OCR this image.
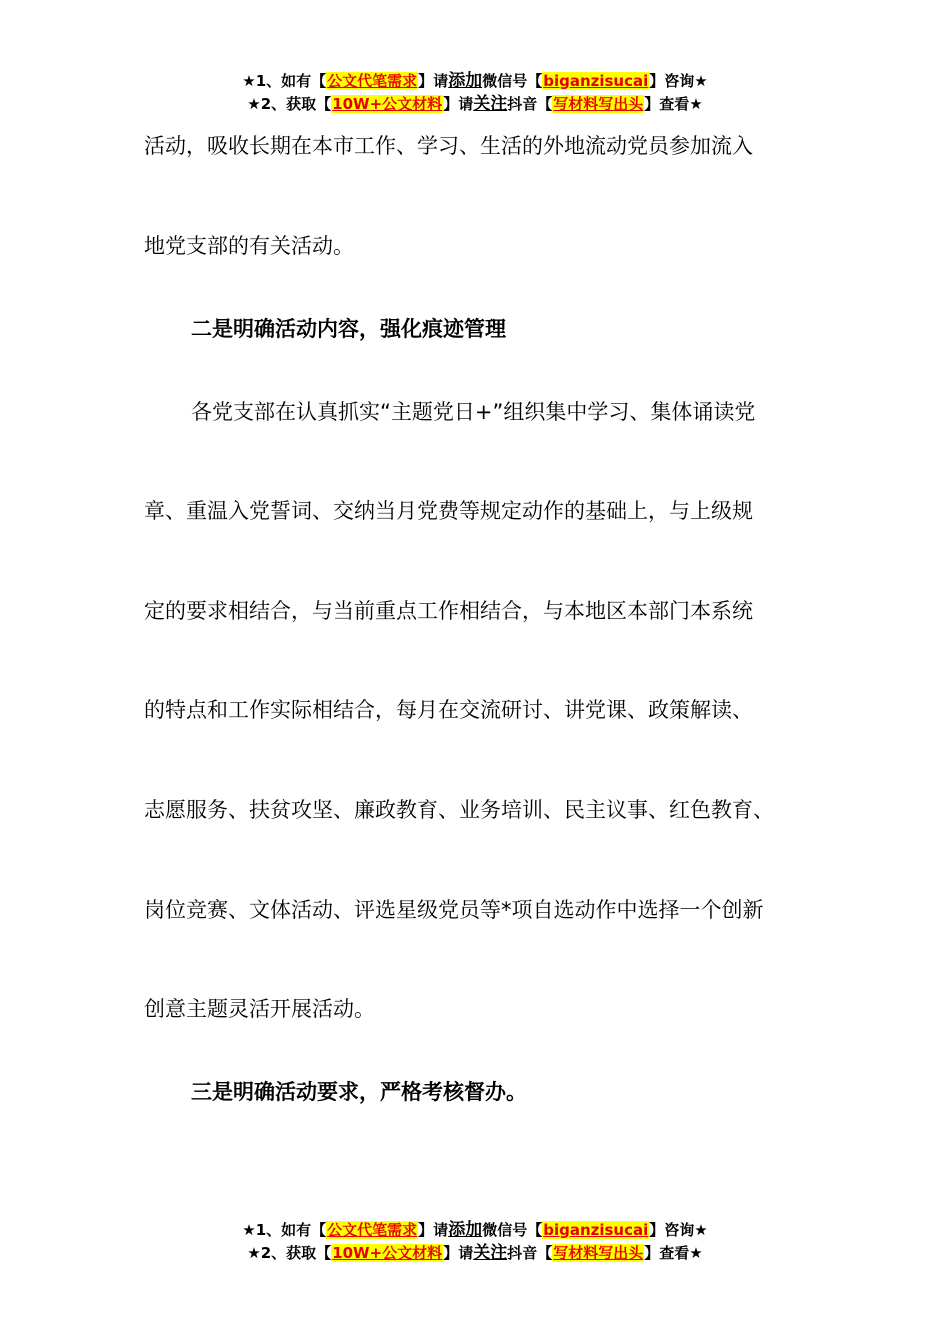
★1、如有【公文代笔需求】请添加微信号【biganzisucai】咨询★
★2、获取【10W+公文材料】请关注抖音【写材料写出头】查看★
活动，吸收长期在本市工作、学习、生活的外地流动党员参加流入
地党支部的有关活动。
二是明确活动内容，强化痕迹管理
各党支部在认真抓实“主题党日+”组织集中学习、集体诵读党
章、重温入党誓词、交纳当月党费等规定动作的基础上，与上级规
定的要求相结合，与当前重点工作相结合，与本地区本部门本系统
的特点和工作实际相结合，每月在交流研讨、讲党课、政策解读、
志愿服务、扶贫攻坚、廉政教育、业务培训、民主议事、红色教育、
岗位竞赛、文体活动、评选星级党员等*项自选动作中选择一个创新
创意主题灵活开展活动。
三是明确活动要求，严格考核督办。
★1、如有【公文代笔需求】请添加微信号【biganzisucai】咨询★
★2、获取【10W+公文材料】请关注抖音【写材料写出头】查看★
